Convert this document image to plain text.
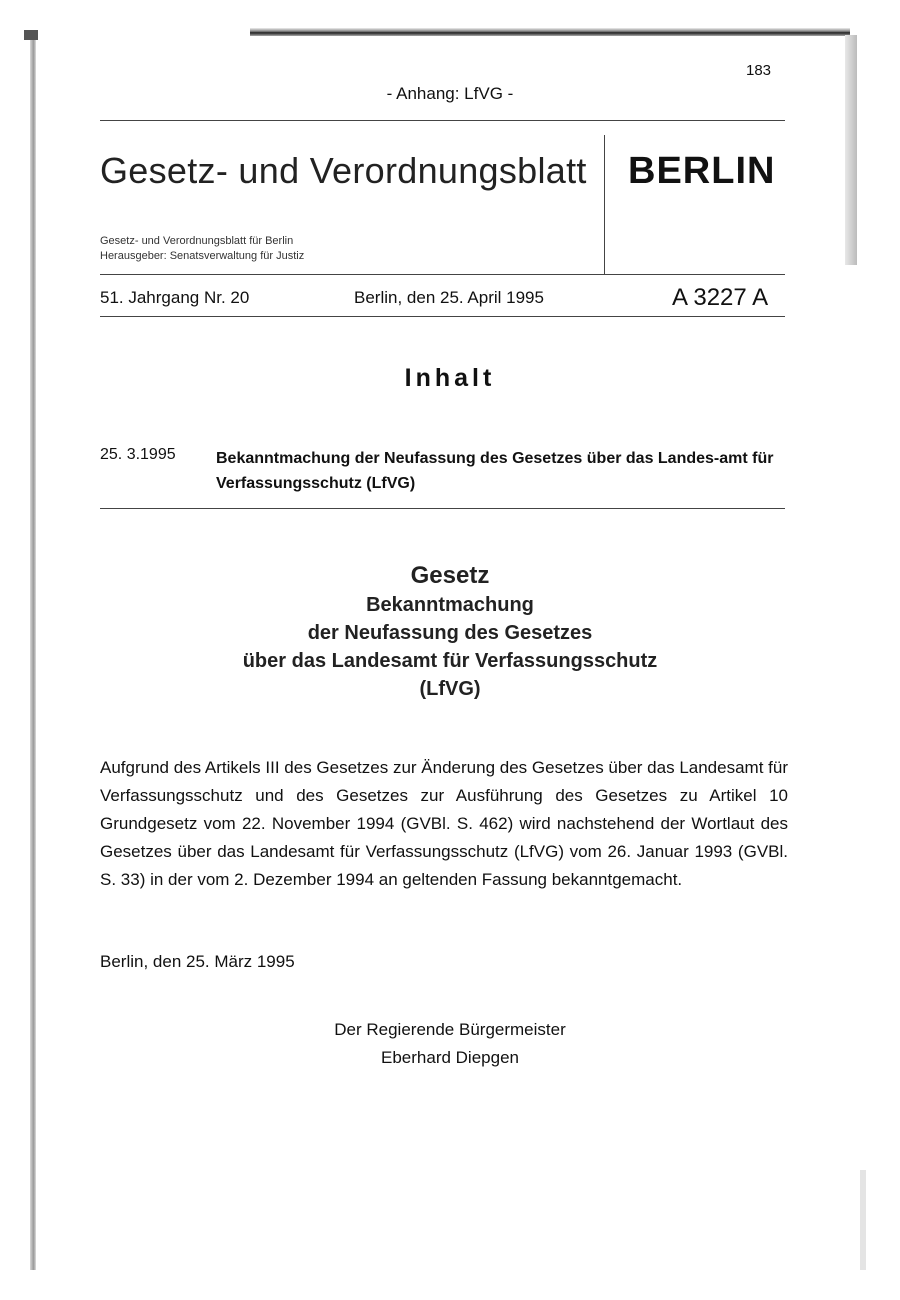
183
- Anhang: LfVG -
Gesetz- und Verordnungsblatt BERLIN
Gesetz- und Verordnungsblatt für Berlin
Herausgeber: Senatsverwaltung für Justiz
51. Jahrgang Nr. 20	Berlin, den 25. April 1995	A 3227 A
Inhalt
25. 3.1995	Bekanntmachung der Neufassung des Gesetzes über das Landes-amt für Verfassungsschutz (LfVG)
Gesetz
Bekanntmachung
der Neufassung des Gesetzes
über das Landesamt für Verfassungsschutz
(LfVG)
Aufgrund des Artikels III des Gesetzes zur Änderung des Gesetzes über das Landesamt für Verfassungsschutz und des Gesetzes zur Ausführung des Gesetzes zu Artikel 10 Grundgesetz vom 22. November 1994 (GVBl. S. 462) wird nachstehend der Wortlaut des Gesetzes über das Landesamt für Verfassungsschutz (LfVG) vom 26. Januar 1993 (GVBl. S. 33) in der vom 2. Dezember 1994 an geltenden Fassung bekanntgemacht.
Berlin, den 25. März 1995
Der Regierende Bürgermeister
Eberhard Diepgen
